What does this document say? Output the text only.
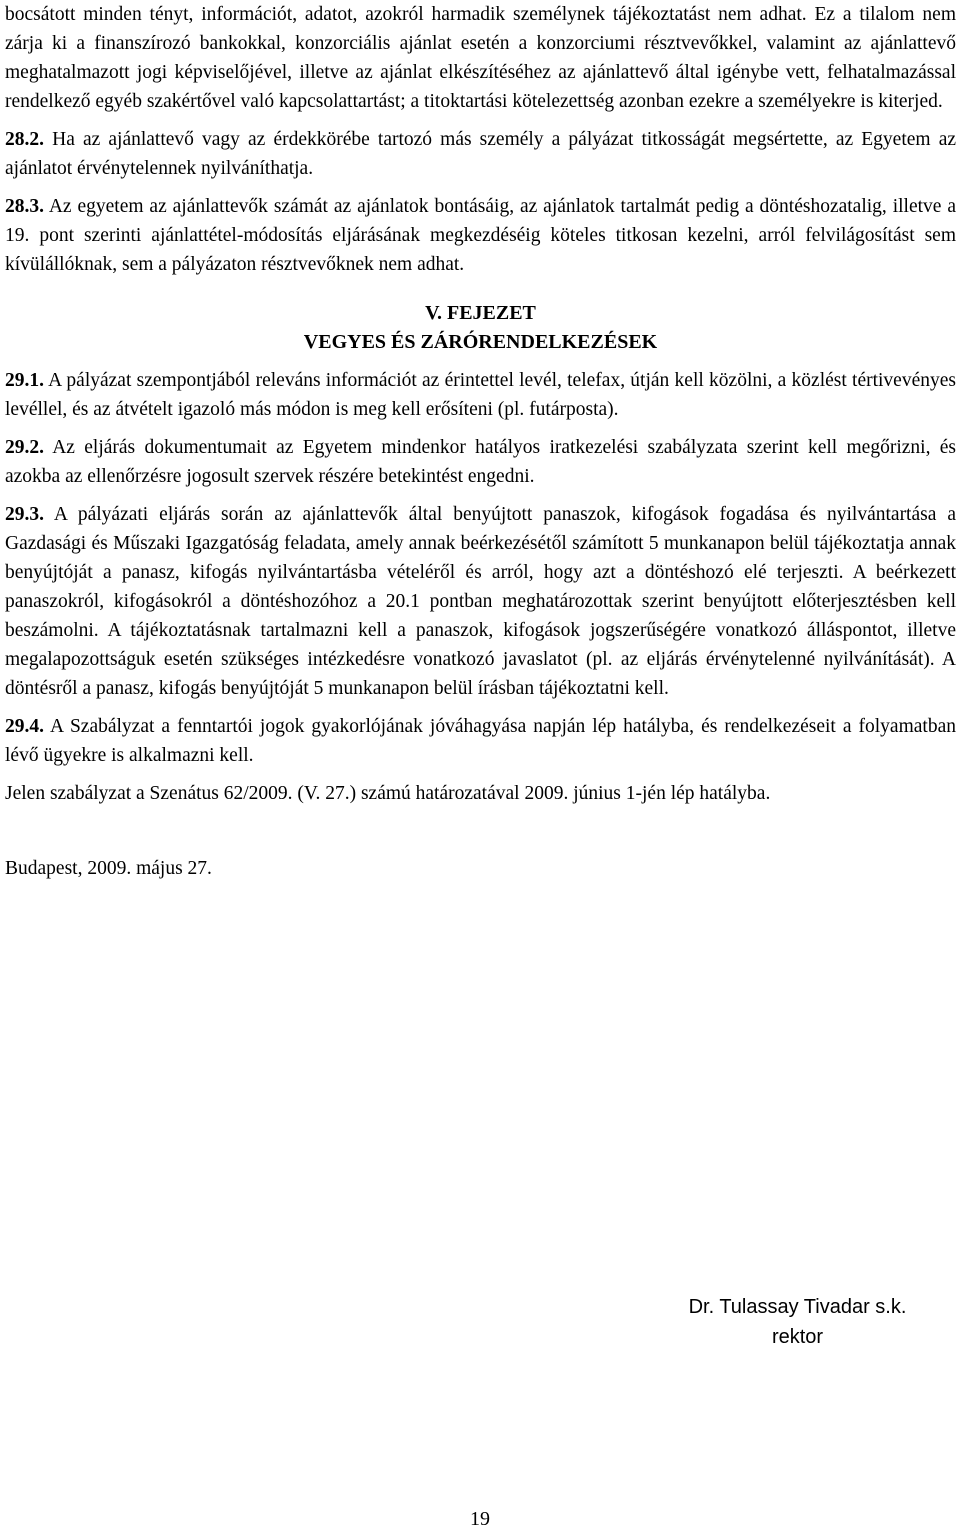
bocsátott minden tényt, információt, adatot, azokról harmadik személynek tájékoztatást nem adhat. Ez a tilalom nem zárja ki a finanszírozó bankokkal, konzorciális ajánlat esetén a konzorciumi résztvevőkkel, valamint az ajánlattevő meghatalmazott jogi képviselőjével, illetve az ajánlat elkészítéséhez az ajánlattevő által igénybe vett, felhatalmazással rendelkező egyéb szakértővel való kapcsolattartást; a titoktartási kötelezettség azonban ezekre a személyekre is kiterjed.

28.2. Ha az ajánlattevő vagy az érdekkörébe tartozó más személy a pályázat titkosságát megsértette, az Egyetem az ajánlatot érvénytelennek nyilváníthatja.

28.3. Az egyetem az ajánlattevők számát az ajánlatok bontásáig, az ajánlatok tartalmát pedig a döntéshozatalig, illetve a 19. pont szerinti ajánlattétel-módosítás eljárásának megkezdéséig köteles titkosan kezelni, arról felvilágosítást sem kívülállóknak, sem a pályázaton résztvevőknek nem adhat.

V. FEJEZET
VEGYES ÉS ZÁRÓRENDELKEZÉSEK

29.1. A pályázat szempontjából releváns információt az érintettel levél, telefax, útján kell közölni, a közlést tértivevényes levéllel, és az átvételt igazoló más módon is meg kell erősíteni (pl. futárposta).

29.2. Az eljárás dokumentumait az Egyetem mindenkor hatályos iratkezelési szabályzata szerint kell megőrizni, és azokba az ellenőrzésre jogosult szervek részére betekintést engedni.

29.3. A pályázati eljárás során az ajánlattevők által benyújtott panaszok, kifogások fogadása és nyilvántartása a Gazdasági és Műszaki Igazgatóság feladata, amely annak beérkezésétől számított 5 munkanapon belül tájékoztatja annak benyújtóját a panasz, kifogás nyilvántartásba vételéről és arról, hogy azt a döntéshozó elé terjeszti. A beérkezett panaszokról, kifogásokról a döntéshozóhoz a 20.1 pontban meghatározottak szerint benyújtott előterjesztésben kell beszámolni. A tájékoztatásnak tartalmazni kell a panaszok, kifogások jogszerűségére vonatkozó álláspontot, illetve megalapozottságuk esetén szükséges intézkedésre vonatkozó javaslatot (pl. az eljárás érvénytelenné nyilvánítását). A döntésről a panasz, kifogás benyújtóját 5 munkanapon belül írásban tájékoztatni kell.

29.4. A Szabályzat a fenntartói jogok gyakorlójának jóváhagyása napján lép hatályba, és rendelkezéseit a folyamatban lévő ügyekre is alkalmazni kell.

Jelen szabályzat a Szenátus 62/2009. (V. 27.) számú határozatával 2009. június 1-jén lép hatályba.

Budapest, 2009. május 27.

Dr. Tulassay Tivadar s.k.
rektor
19
